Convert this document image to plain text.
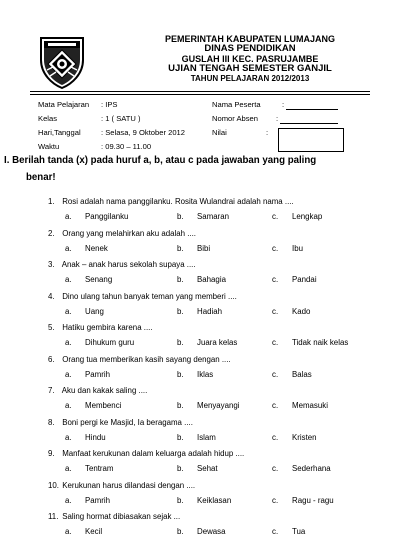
PEMERINTAH KABUPATEN LUMAJANG
DINAS PENDIDIKAN
GUSLAH III KEC. PASRUJAMBE
UJIAN TENGAH SEMESTER GANJIL
TAHUN PELAJARAN 2012/2013
Mata Pelajaran : IPS	Nama Peserta	:
Kelas	: 1 ( SATU )	Nomor Absen :
Hari,Tanggal	: Selasa, 9 Oktober 2012	Nilai	:
Waktu	: 09.30 – 11.00
I. Berilah tanda (x) pada huruf a, b, atau c pada jawaban yang paling
benar!
1. Rosi adalah nama panggilanku. Rosita Wulandrai adalah nama ....
a. Panggilanku	b. Samaran	c. Lengkap
2. Orang yang melahirkan aku adalah ....
a. Nenek	b. Bibi	c. Ibu
3. Anak – anak harus sekolah supaya ....
a. Senang	b. Bahagia	c. Pandai
4. Dino ulang tahun banyak teman yang memberi ....
a. Uang	b. Hadiah	c. Kado
5. Hatiku gembira karena ....
a. Dihukum guru	b. Juara kelas	c. Tidak naik kelas
6. Orang tua memberikan kasih sayang dengan ....
a. Pamrih	b. Iklas	c. Balas
7. Aku dan kakak saling ....
a. Membenci	b. Menyayangi	c. Memasuki
8. Boni pergi ke Masjid, Ia beragama ....
a. Hindu	b. Islam	c. Kristen
9. Manfaat kerukunan dalam keluarga adalah hidup ....
a. Tentram	b. Sehat	c. Sederhana
10. Kerukunan harus dilandasi dengan ....
a. Pamrih	b. Keiklasan	c. Ragu - ragu
11. Saling hormat dibiasakan sejak ...
a. Kecil	b. Dewasa	c. Tua
